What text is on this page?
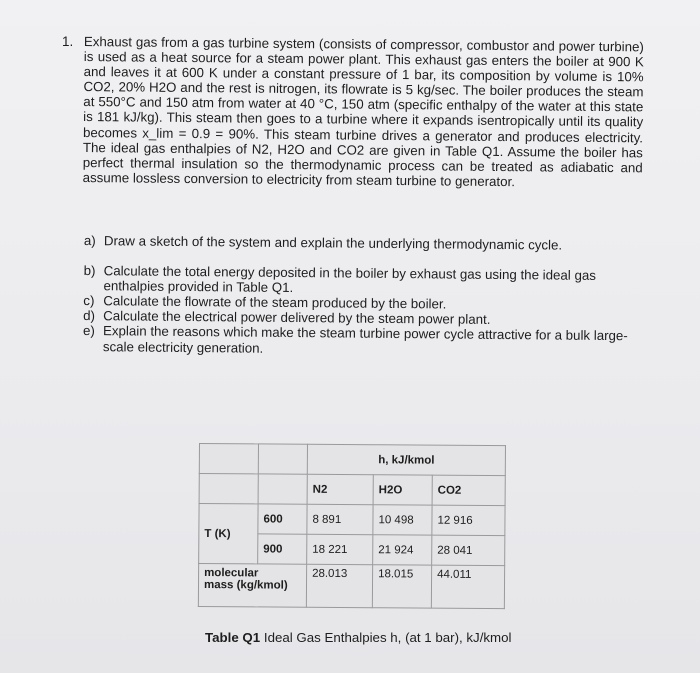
1. Exhaust gas from a gas turbine system (consists of compressor, combustor and power turbine) is used as a heat source for a steam power plant. This exhaust gas enters the boiler at 900 K and leaves it at 600 K under a constant pressure of 1 bar, its composition by volume is 10% CO2, 20% H2O and the rest is nitrogen, its flowrate is 5 kg/sec. The boiler produces the steam at 550°C and 150 atm from water at 40 °C, 150 atm (specific enthalpy of the water at this state is 181 kJ/kg). This steam then goes to a turbine where it expands isentropically until its quality becomes x_lim = 0.9 = 90%. This steam turbine drives a generator and produces electricity. The ideal gas enthalpies of N2, H2O and CO2 are given in Table Q1. Assume the boiler has perfect thermal insulation so the thermodynamic process can be treated as adiabatic and assume lossless conversion to electricity from steam turbine to generator.
a) Draw a sketch of the system and explain the underlying thermodynamic cycle.
b) Calculate the total energy deposited in the boiler by exhaust gas using the ideal gas enthalpies provided in Table Q1.
c) Calculate the flowrate of the steam produced by the boiler.
d) Calculate the electrical power delivered by the steam power plant.
e) Explain the reasons which make the steam turbine power cycle attractive for a bulk large-scale electricity generation.
		h, kJ/kmol		
		N2	H2O	CO2
T (K)	600	8 891	10 498	12 916
	900	18 221	21 924	28 041

molecular
mass (kg/kmol)		28.013	18.015	44.011
Table Q1 Ideal Gas Enthalpies h, (at 1 bar), kJ/kmol
